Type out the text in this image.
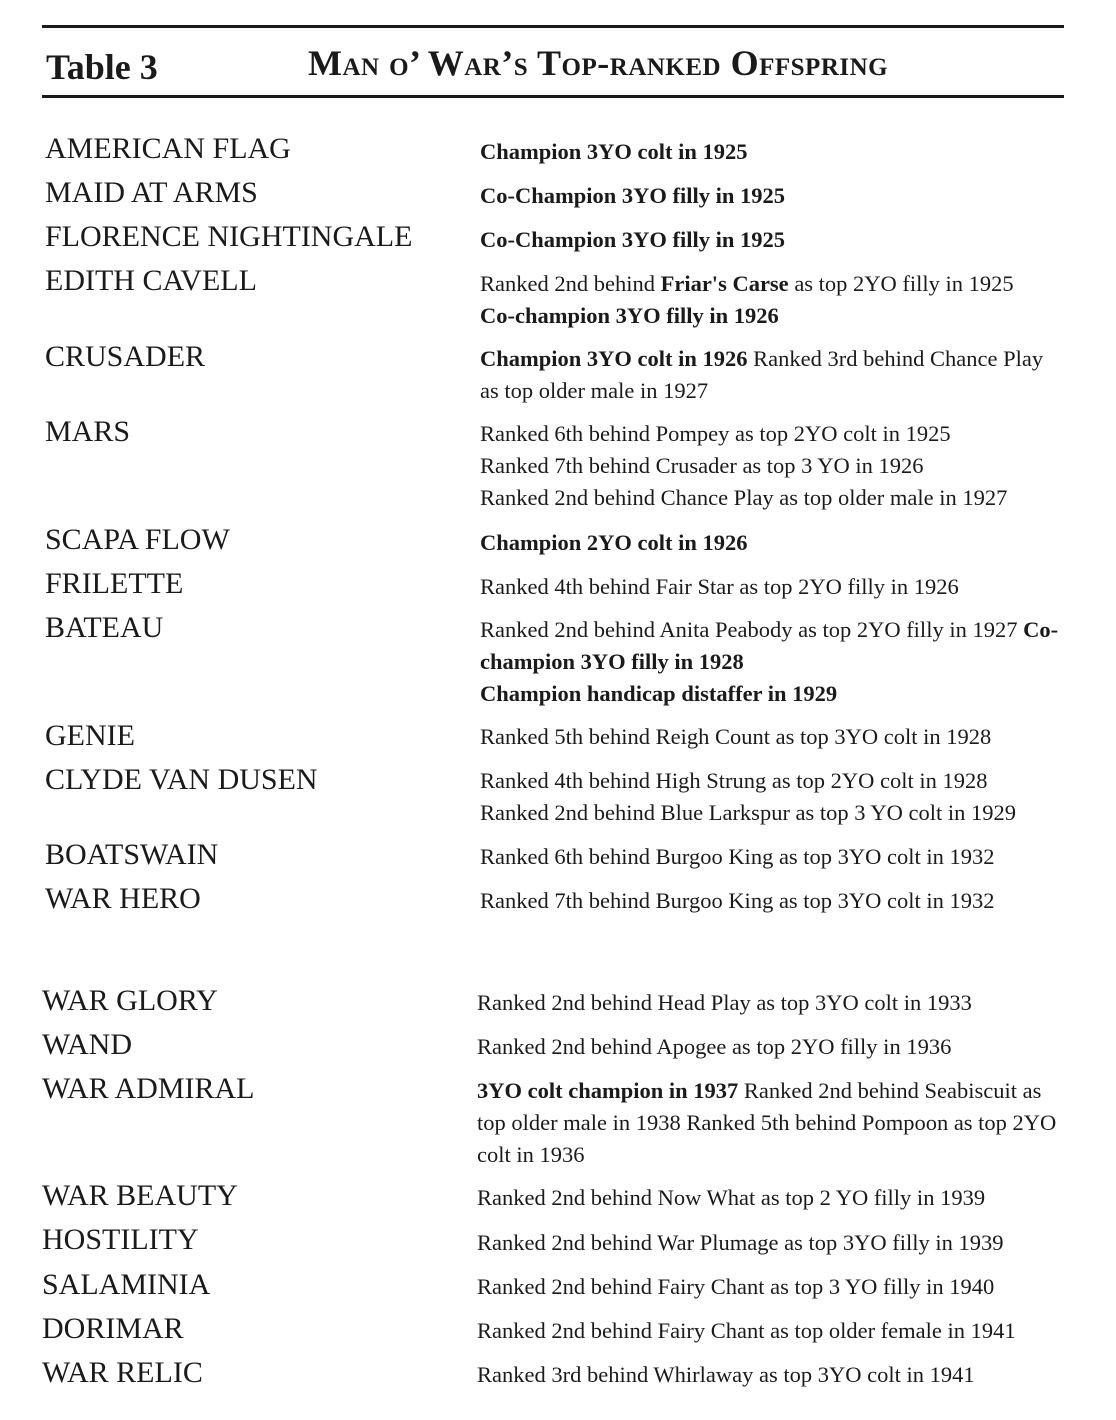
Table 3	Man o’ War’s Top-ranked Offspring
AMERICAN FLAG	Champion 3YO colt in 1925
MAID AT ARMS	Co-Champion 3YO filly in 1925
FLORENCE NIGHTINGALE	Co-Champion 3YO filly in 1925
EDITH CAVELL	Ranked 2nd behind Friar's Carse as top 2YO filly in 1925
Co-champion 3YO filly in 1926
CRUSADER	Champion 3YO colt in 1926 Ranked 3rd behind Chance Play as top older male in 1927
MARS	Ranked 6th behind Pompey as top 2YO colt in 1925
Ranked 7th behind Crusader as top 3 YO in 1926
Ranked 2nd behind Chance Play as top older male in 1927
SCAPA FLOW	Champion 2YO colt in 1926
FRILETTE	Ranked 4th behind Fair Star as top 2YO filly in 1926
BATEAU	Ranked 2nd behind Anita Peabody as top 2YO filly in 1927 Co-champion 3YO filly in 1928
Champion handicap distaffer in 1929
GENIE	Ranked 5th behind Reigh Count as top 3YO colt in 1928
CLYDE VAN DUSEN	Ranked 4th behind High Strung as top 2YO colt in 1928
Ranked 2nd behind Blue Larkspur as top 3 YO colt in 1929
BOATSWAIN	Ranked 6th behind Burgoo King as top 3YO colt in 1932
WAR HERO	Ranked 7th behind Burgoo King as top 3YO colt in 1932
WAR GLORY	Ranked 2nd behind Head Play as top 3YO colt in 1933
WAND	Ranked 2nd behind Apogee as top 2YO filly in 1936
WAR ADMIRAL	3YO colt champion in 1937 Ranked 2nd behind Seabiscuit as top older male in 1938 Ranked 5th behind Pompoon as top 2YO colt in 1936
WAR BEAUTY	Ranked 2nd behind Now What as top 2 YO filly in 1939
HOSTILITY	Ranked 2nd behind War Plumage as top 3YO filly in 1939
SALAMINIA	Ranked 2nd behind Fairy Chant as top 3 YO filly in 1940
DORIMAR	Ranked 2nd behind Fairy Chant as top older female in 1941
WAR RELIC	Ranked 3rd behind Whirlaway as top 3YO colt in 1941
